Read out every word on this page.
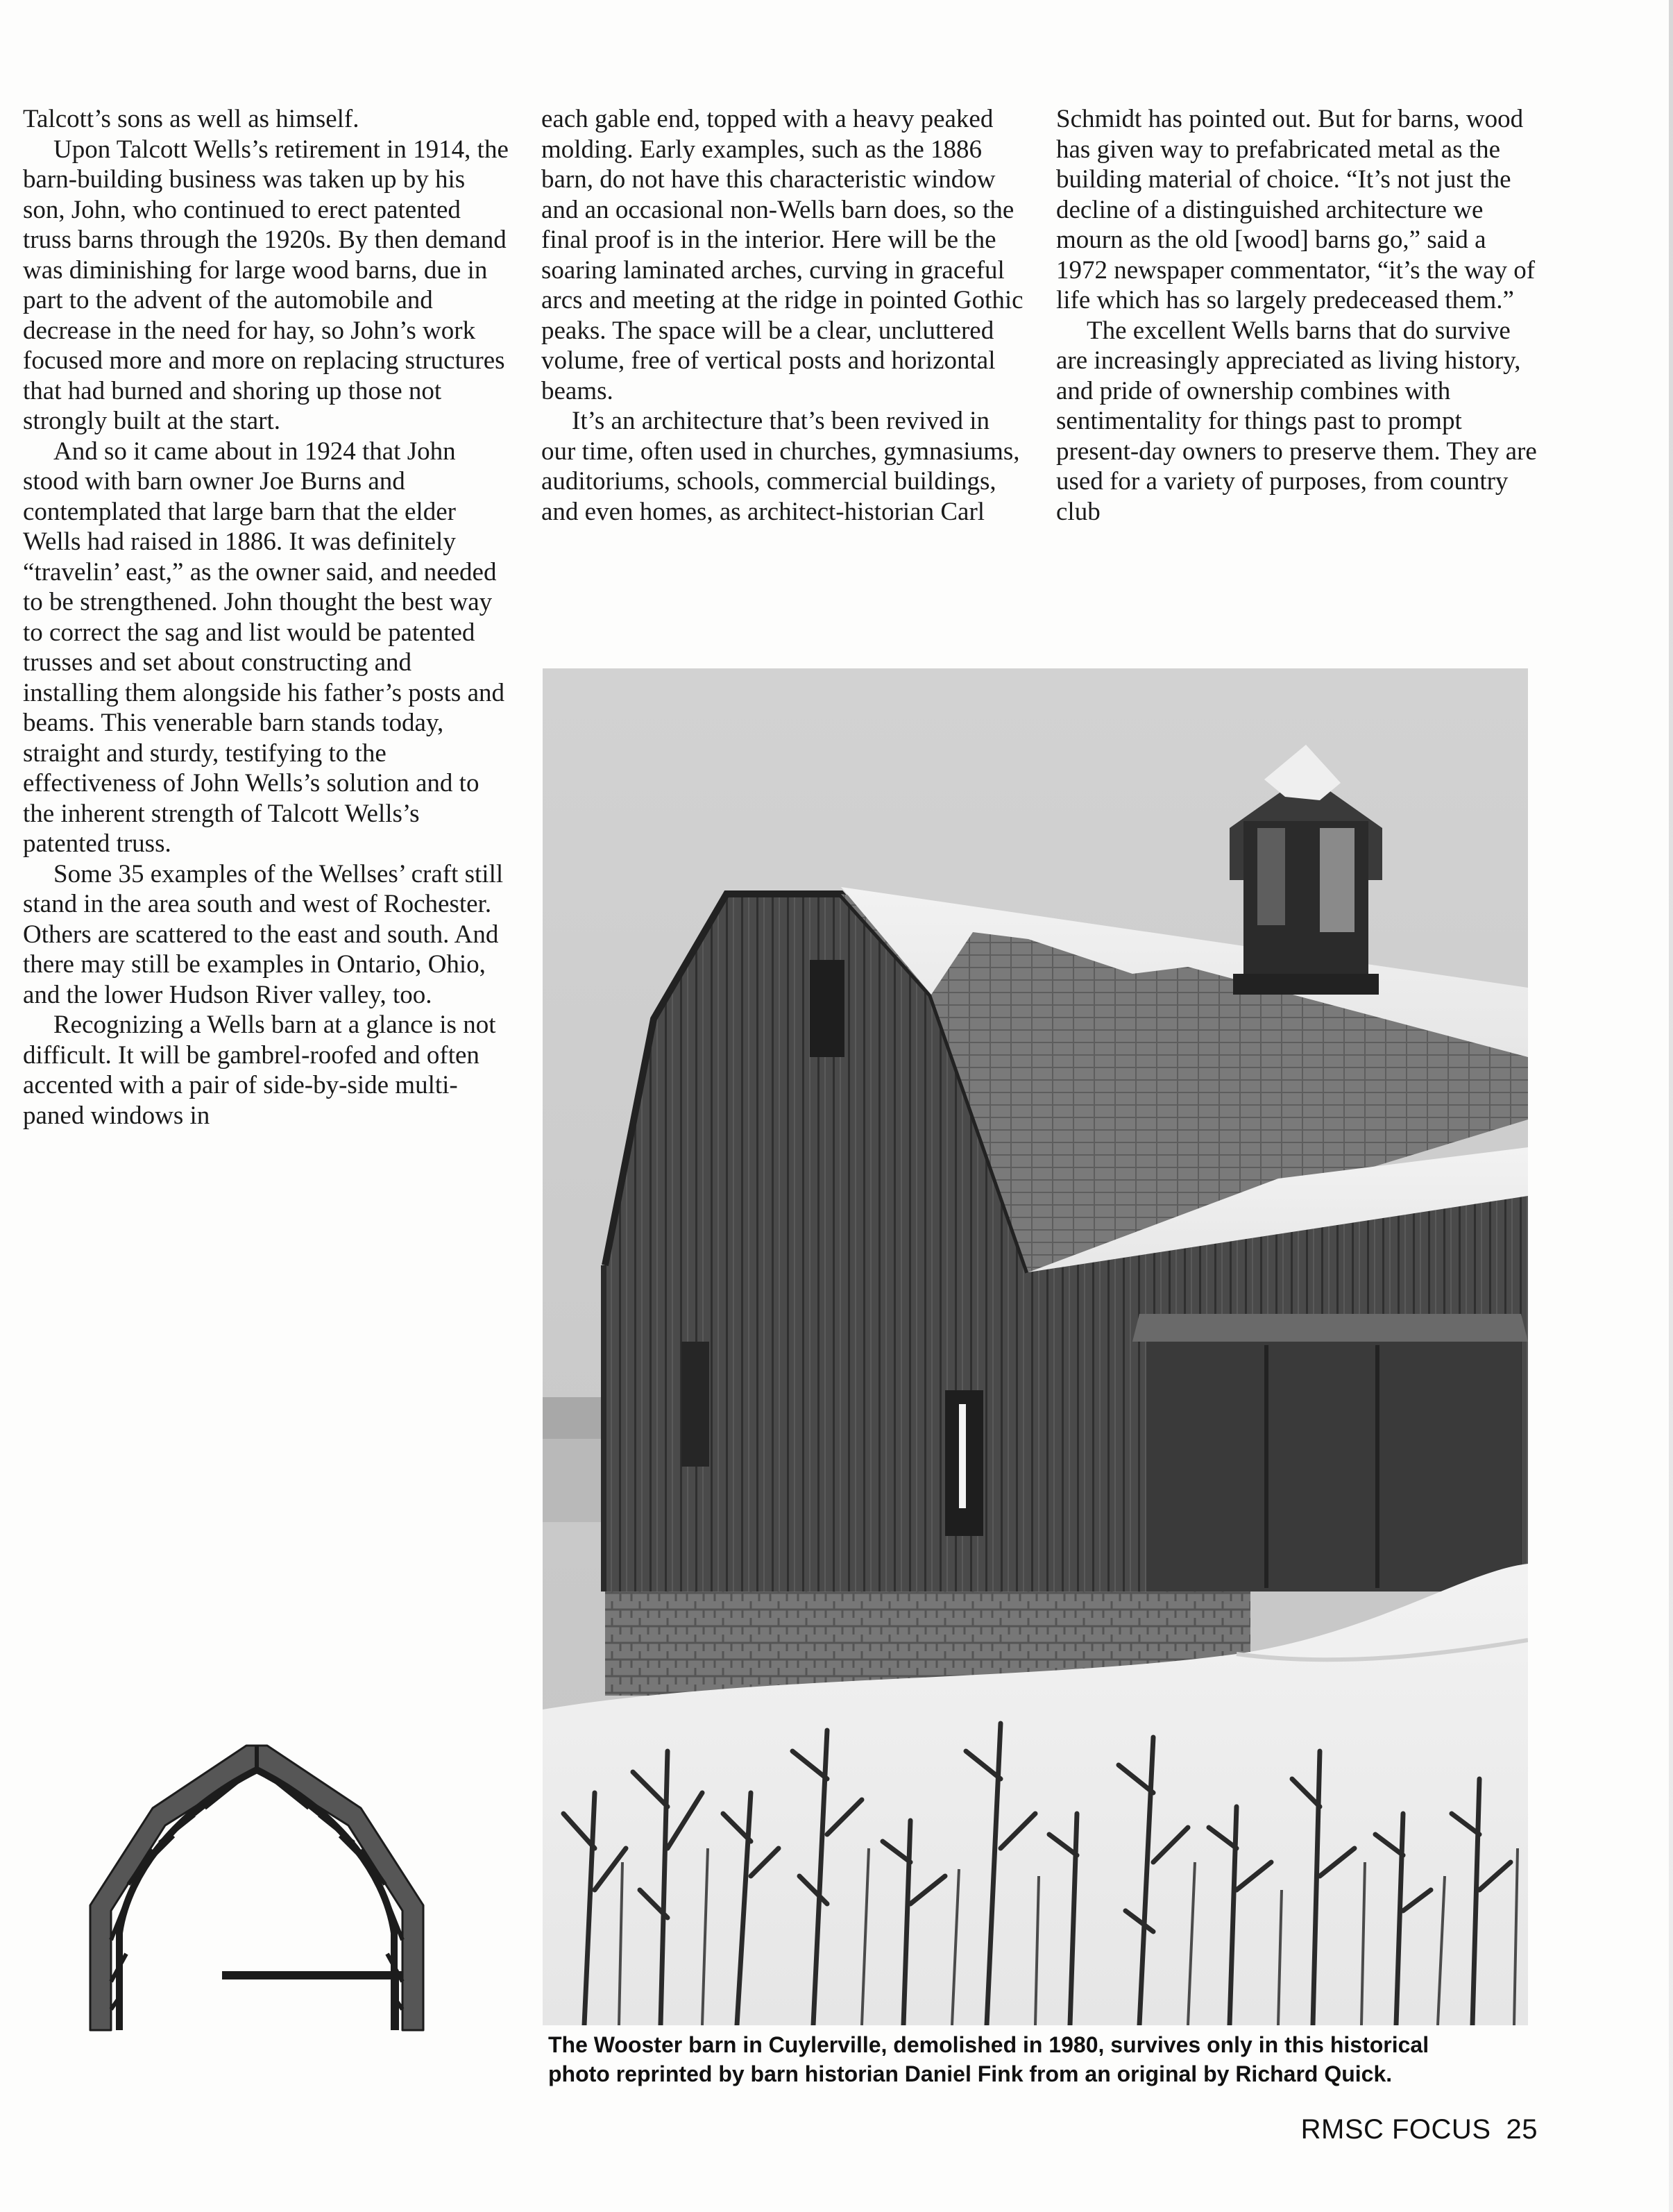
Talcott’s sons as well as himself.

Upon Talcott Wells’s retirement in 1914, the barn-building business was taken up by his son, John, who continued to erect patented truss barns through the 1920s. By then demand was diminishing for large wood barns, due in part to the advent of the automobile and decrease in the need for hay, so John’s work focused more and more on replacing structures that had burned and shoring up those not strongly built at the start.

And so it came about in 1924 that John stood with barn owner Joe Burns and contemplated that large barn that the elder Wells had raised in 1886. It was definitely “travelin’ east,” as the owner said, and needed to be strengthened. John thought the best way to correct the sag and list would be patented trusses and set about constructing and installing them alongside his father’s posts and beams. This venerable barn stands today, straight and sturdy, testifying to the effectiveness of John Wells’s solution and to the inherent strength of Talcott Wells’s patented truss.

Some 35 examples of the Wellses’ craft still stand in the area south and west of Rochester. Others are scattered to the east and south. And there may still be examples in Ontario, Ohio, and the lower Hudson River valley, too.

Recognizing a Wells barn at a glance is not difficult. It will be gambrel-roofed and often accented with a pair of side-by-side multi-paned windows in

each gable end, topped with a heavy peaked molding. Early examples, such as the 1886 barn, do not have this characteristic window and an occasional non-Wells barn does, so the final proof is in the interior. Here will be the soaring laminated arches, curving in graceful arcs and meeting at the ridge in pointed Gothic peaks. The space will be a clear, uncluttered volume, free of vertical posts and horizontal beams.

It’s an architecture that’s been revived in our time, often used in churches, gymnasiums, auditoriums, schools, commercial buildings, and even homes, as architect-historian Carl

Schmidt has pointed out. But for barns, wood has given way to prefabricated metal as the building material of choice. “It’s not just the decline of a distinguished architecture we mourn as the old [wood] barns go,” said a 1972 newspaper commentator, “it’s the way of life which has so largely predeceased them.”

The excellent Wells barns that do survive are increasingly appreciated as living history, and pride of ownership combines with sentimentality for things past to prompt present-day owners to preserve them. They are used for a variety of purposes, from country club

The Wooster barn in Cuylerville, demolished in 1980, survives only in this historical
photo reprinted by barn historian Daniel Fink from an original by Richard Quick.
RMSC FOCUS 25
